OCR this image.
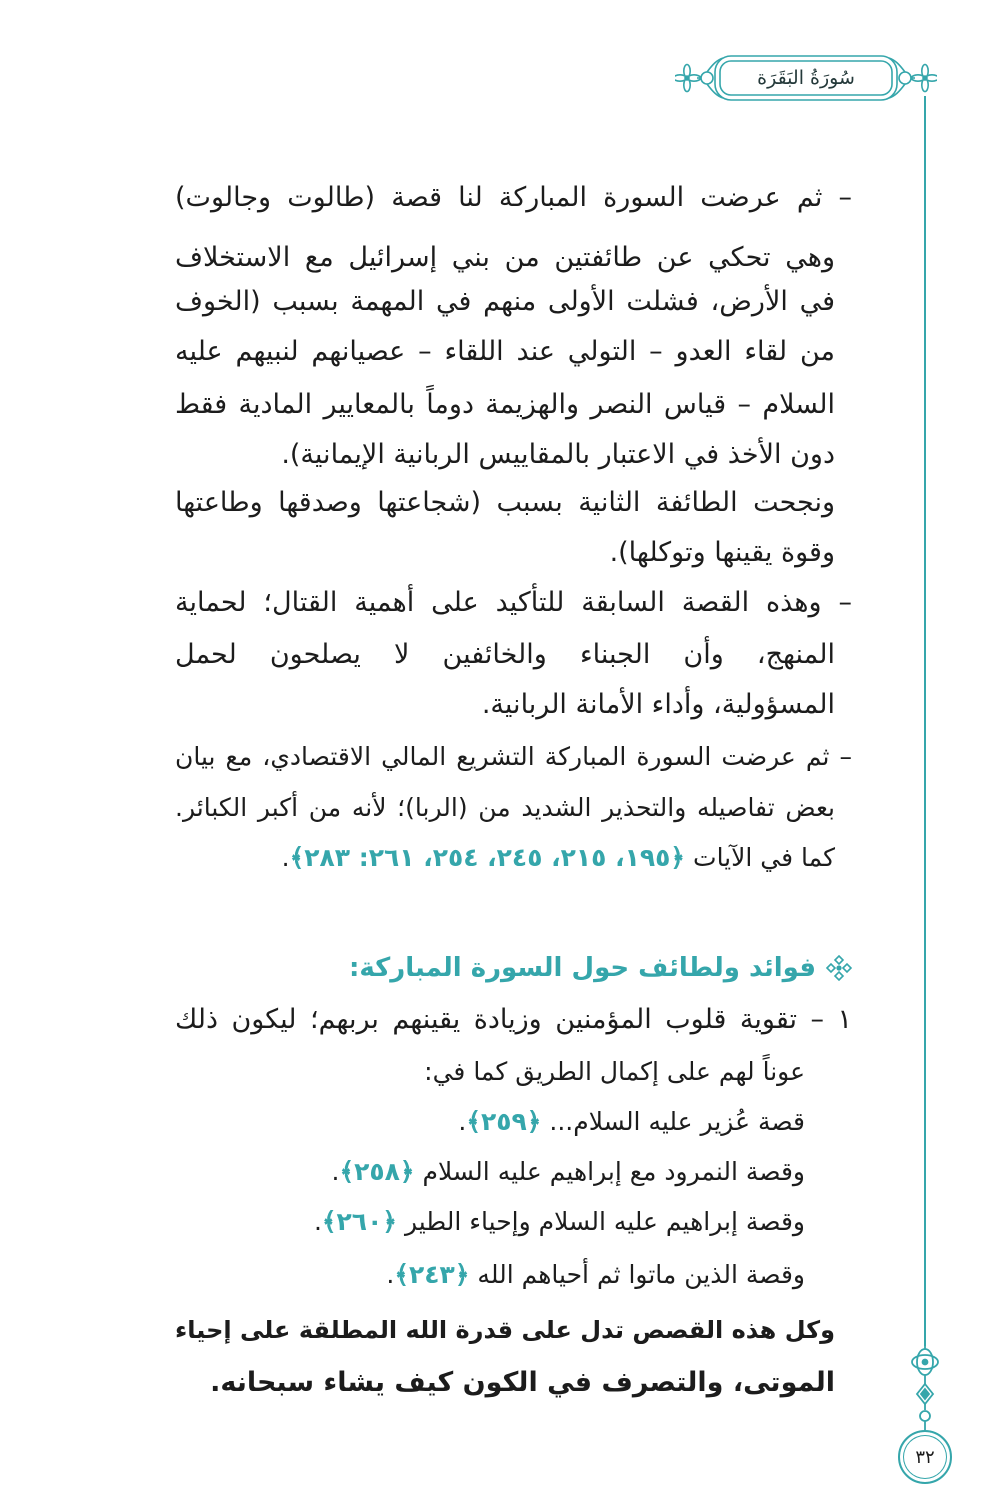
سُورَةُ البَقَرَة
– ثم عرضت السورة المباركة لنا قصة (طالوت وجالوت)
وهي تحكي عن طائفتين من بني إسرائيل مع الاستخلاف
في الأرض، فشلت الأولى منهم في المهمة بسبب (الخوف
من لقاء العدو – التولي عند اللقاء – عصيانهم لنبيهم عليه
السلام – قياس النصر والهزيمة دوماً بالمعايير المادية فقط
دون الأخذ في الاعتبار بالمقاييس الربانية الإيمانية).
ونجحت الطائفة الثانية بسبب (شجاعتها وصدقها وطاعتها
وقوة يقينها وتوكلها).
– وهذه القصة السابقة للتأكيد على أهمية القتال؛ لحماية
المنهج، وأن الجبناء والخائفين لا يصلحون لحمل
المسؤولية، وأداء الأمانة الربانية.
– ثم عرضت السورة المباركة التشريع المالي الاقتصادي، مع بيان
بعض تفاصيله والتحذير الشديد من (الربا)؛ لأنه من أكبر الكبائر.
كما في الآيات ﴿١٩٥، ٢١٥، ٢٤٥، ٢٥٤، ٢٦١: ٢٨٣﴾.
فوائد ولطائف حول السورة المباركة:
١ – تقوية قلوب المؤمنين وزيادة يقينهم بربهم؛ ليكون ذلك
عوناً لهم على إكمال الطريق كما في:
قصة عُزير عليه السلام... ﴿٢٥٩﴾.
وقصة النمرود مع إبراهيم عليه السلام ﴿٢٥٨﴾.
وقصة إبراهيم عليه السلام وإحياء الطير ﴿٢٦٠﴾.
وقصة الذين ماتوا ثم أحياهم الله ﴿٢٤٣﴾.
وكل هذه القصص تدل على قدرة الله المطلقة على إحياء
الموتى، والتصرف في الكون كيف يشاء سبحانه.
٣٢
